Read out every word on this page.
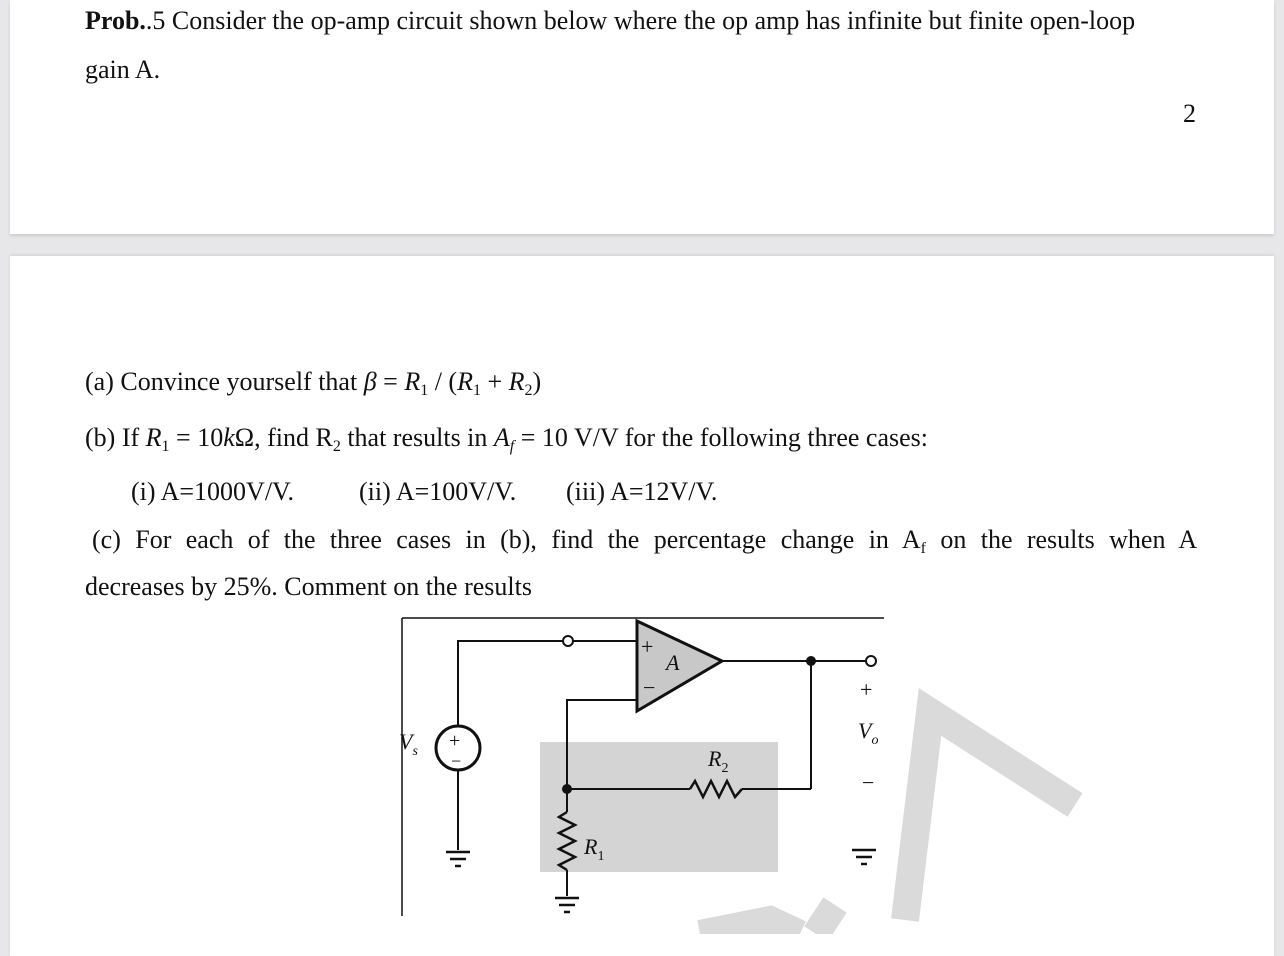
Prob..5 Consider the op-amp circuit shown below where the op amp has infinite but finite open-loop
gain A.
2
(a) Convince yourself that $\beta = R_1 / (R_1 + R_2)$
(b) If $R_1 = 10k\Omega$, find $R_2$ that results in $A_f = 10$ V/V for the following three cases:
(i) A=1000V/V.	(ii) A=100V/V. (iii) A=12V/V.
(c) For each of the three cases in (b), find the percentage change in $A_f$ on the results when A
decreases by 25%. Comment on the results
+
−
A
+
−
$V_s$	$R_2$
$R_1$
+
$V_o$
−
